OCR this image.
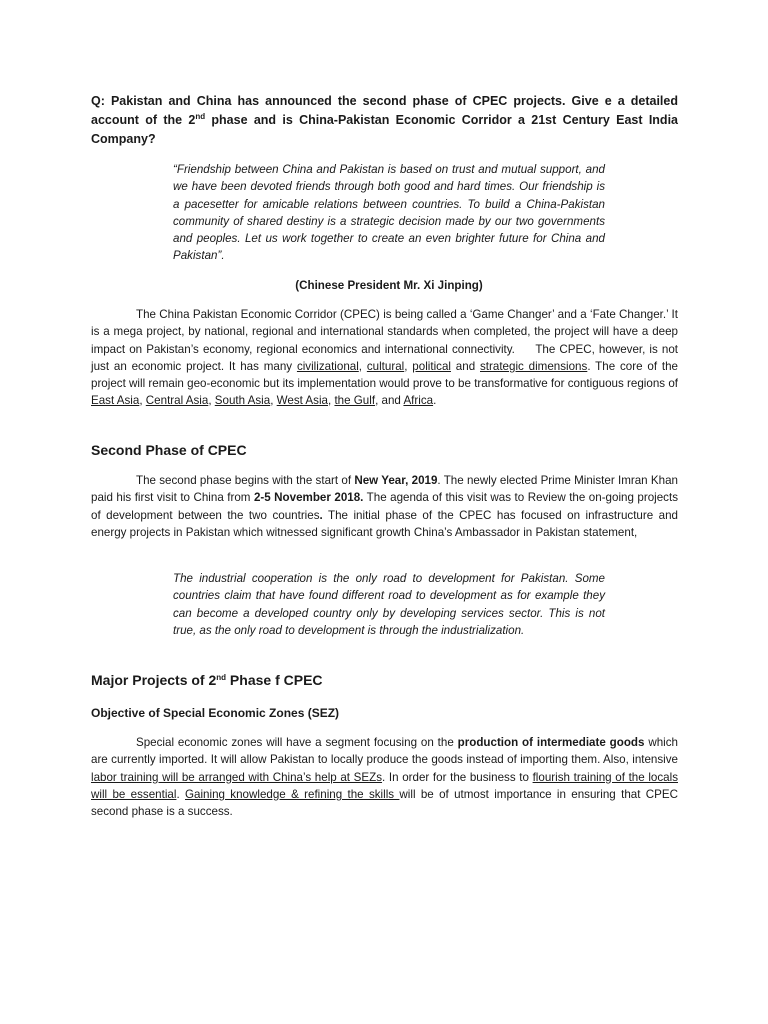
Q: Pakistan and China has announced the second phase of CPEC projects. Give e a detailed account of the 2nd phase and is China-Pakistan Economic Corridor a 21st Century East India Company?

“Friendship between China and Pakistan is based on trust and mutual support, and we have been devoted friends through both good and hard times. Our friendship is a pacesetter for amicable relations between countries. To build a China-Pakistan community of shared destiny is a strategic decision made by our two governments and peoples. Let us work together to create an even brighter future for China and Pakistan”.

(Chinese President Mr. Xi Jinping)

The China Pakistan Economic Corridor (CPEC) is being called a ‘Game Changer’ and a ‘Fate Changer.’ It is a mega project, by national, regional and international standards when completed, the project will have a deep impact on Pakistan’s economy, regional economics and international connectivity.     The CPEC, however, is not just an economic project. It has many civilizational, cultural, political and strategic dimensions. The core of the project will remain geo-economic but its implementation would prove to be transformative for contiguous regions of East Asia, Central Asia, South Asia, West Asia, the Gulf, and Africa.

Second Phase of CPEC

The second phase begins with the start of New Year, 2019. The newly elected Prime Minister Imran Khan paid his first visit to China from 2-5 November 2018. The agenda of this visit was to Review the on-going projects of development between the two countries. The initial phase of the CPEC has focused on infrastructure and energy projects in Pakistan which witnessed significant growth China’s Ambassador in Pakistan statement,

The industrial cooperation is the only road to development for Pakistan. Some countries claim that have found different road to development as for example they can become a developed country only by developing services sector. This is not true, as the only road to development is through the industrialization.

Major Projects of 2nd Phase f CPEC

Objective of Special Economic Zones (SEZ)

Special economic zones will have a segment focusing on the production of intermediate goods which are currently imported. It will allow Pakistan to locally produce the goods instead of importing them. Also, intensive labor training will be arranged with China’s help at SEZs. In order for the business to flourish training of the locals will be essential. Gaining knowledge & refining the skills will be of utmost importance in ensuring that CPEC second phase is a success.
